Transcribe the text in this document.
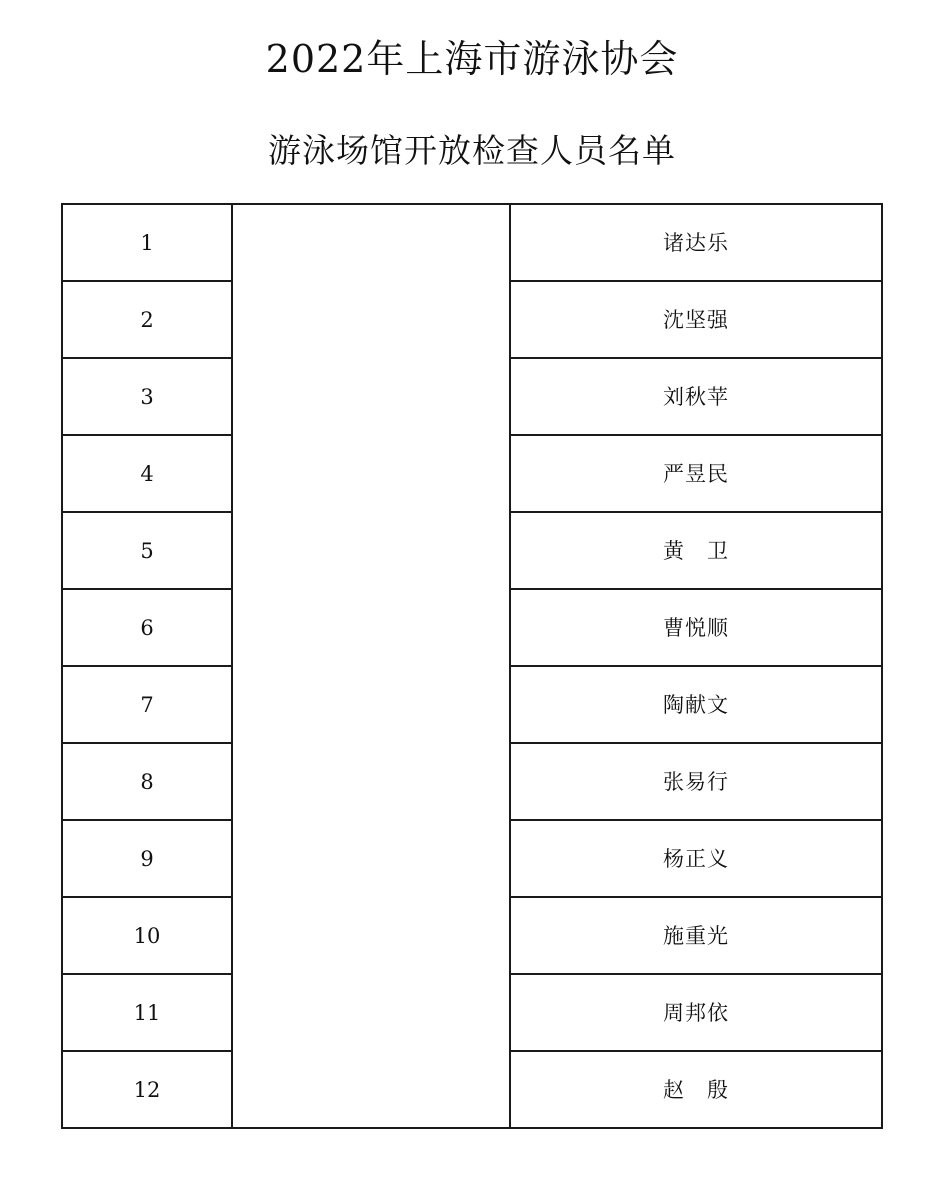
2022年上海市游泳协会
游泳场馆开放检查人员名单
1		诸达乐
2		沈坚强
3		刘秋苹
4		严昱民
5		黄　卫
6		曹悦顺
7		陶献文
8		张易行
9		杨正义
10		施重光
11		周邦依
12		赵　殷
